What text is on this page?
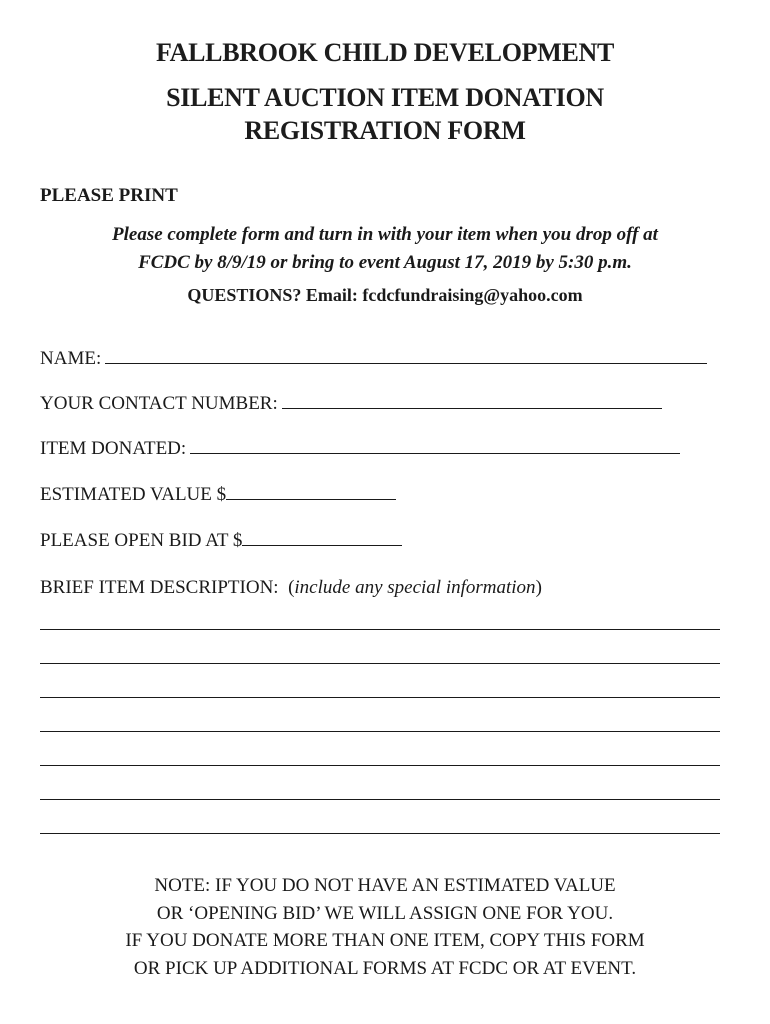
FALLBROOK CHILD DEVELOPMENT
SILENT AUCTION ITEM DONATION
REGISTRATION FORM
PLEASE PRINT
Please complete form and turn in with your item when you drop off at
FCDC by 8/9/19 or bring to event August 17, 2019 by 5:30 p.m.
QUESTIONS? Email: fcdcfundraising@yahoo.com
NAME:
YOUR CONTACT NUMBER:
ITEM DONATED:
ESTIMATED VALUE $
PLEASE OPEN BID AT $
BRIEF ITEM DESCRIPTION: (include any special information)
NOTE: IF YOU DO NOT HAVE AN ESTIMATED VALUE
OR ‘OPENING BID’ WE WILL ASSIGN ONE FOR YOU.
IF YOU DONATE MORE THAN ONE ITEM, COPY THIS FORM
OR PICK UP ADDITIONAL FORMS AT FCDC OR AT EVENT.
